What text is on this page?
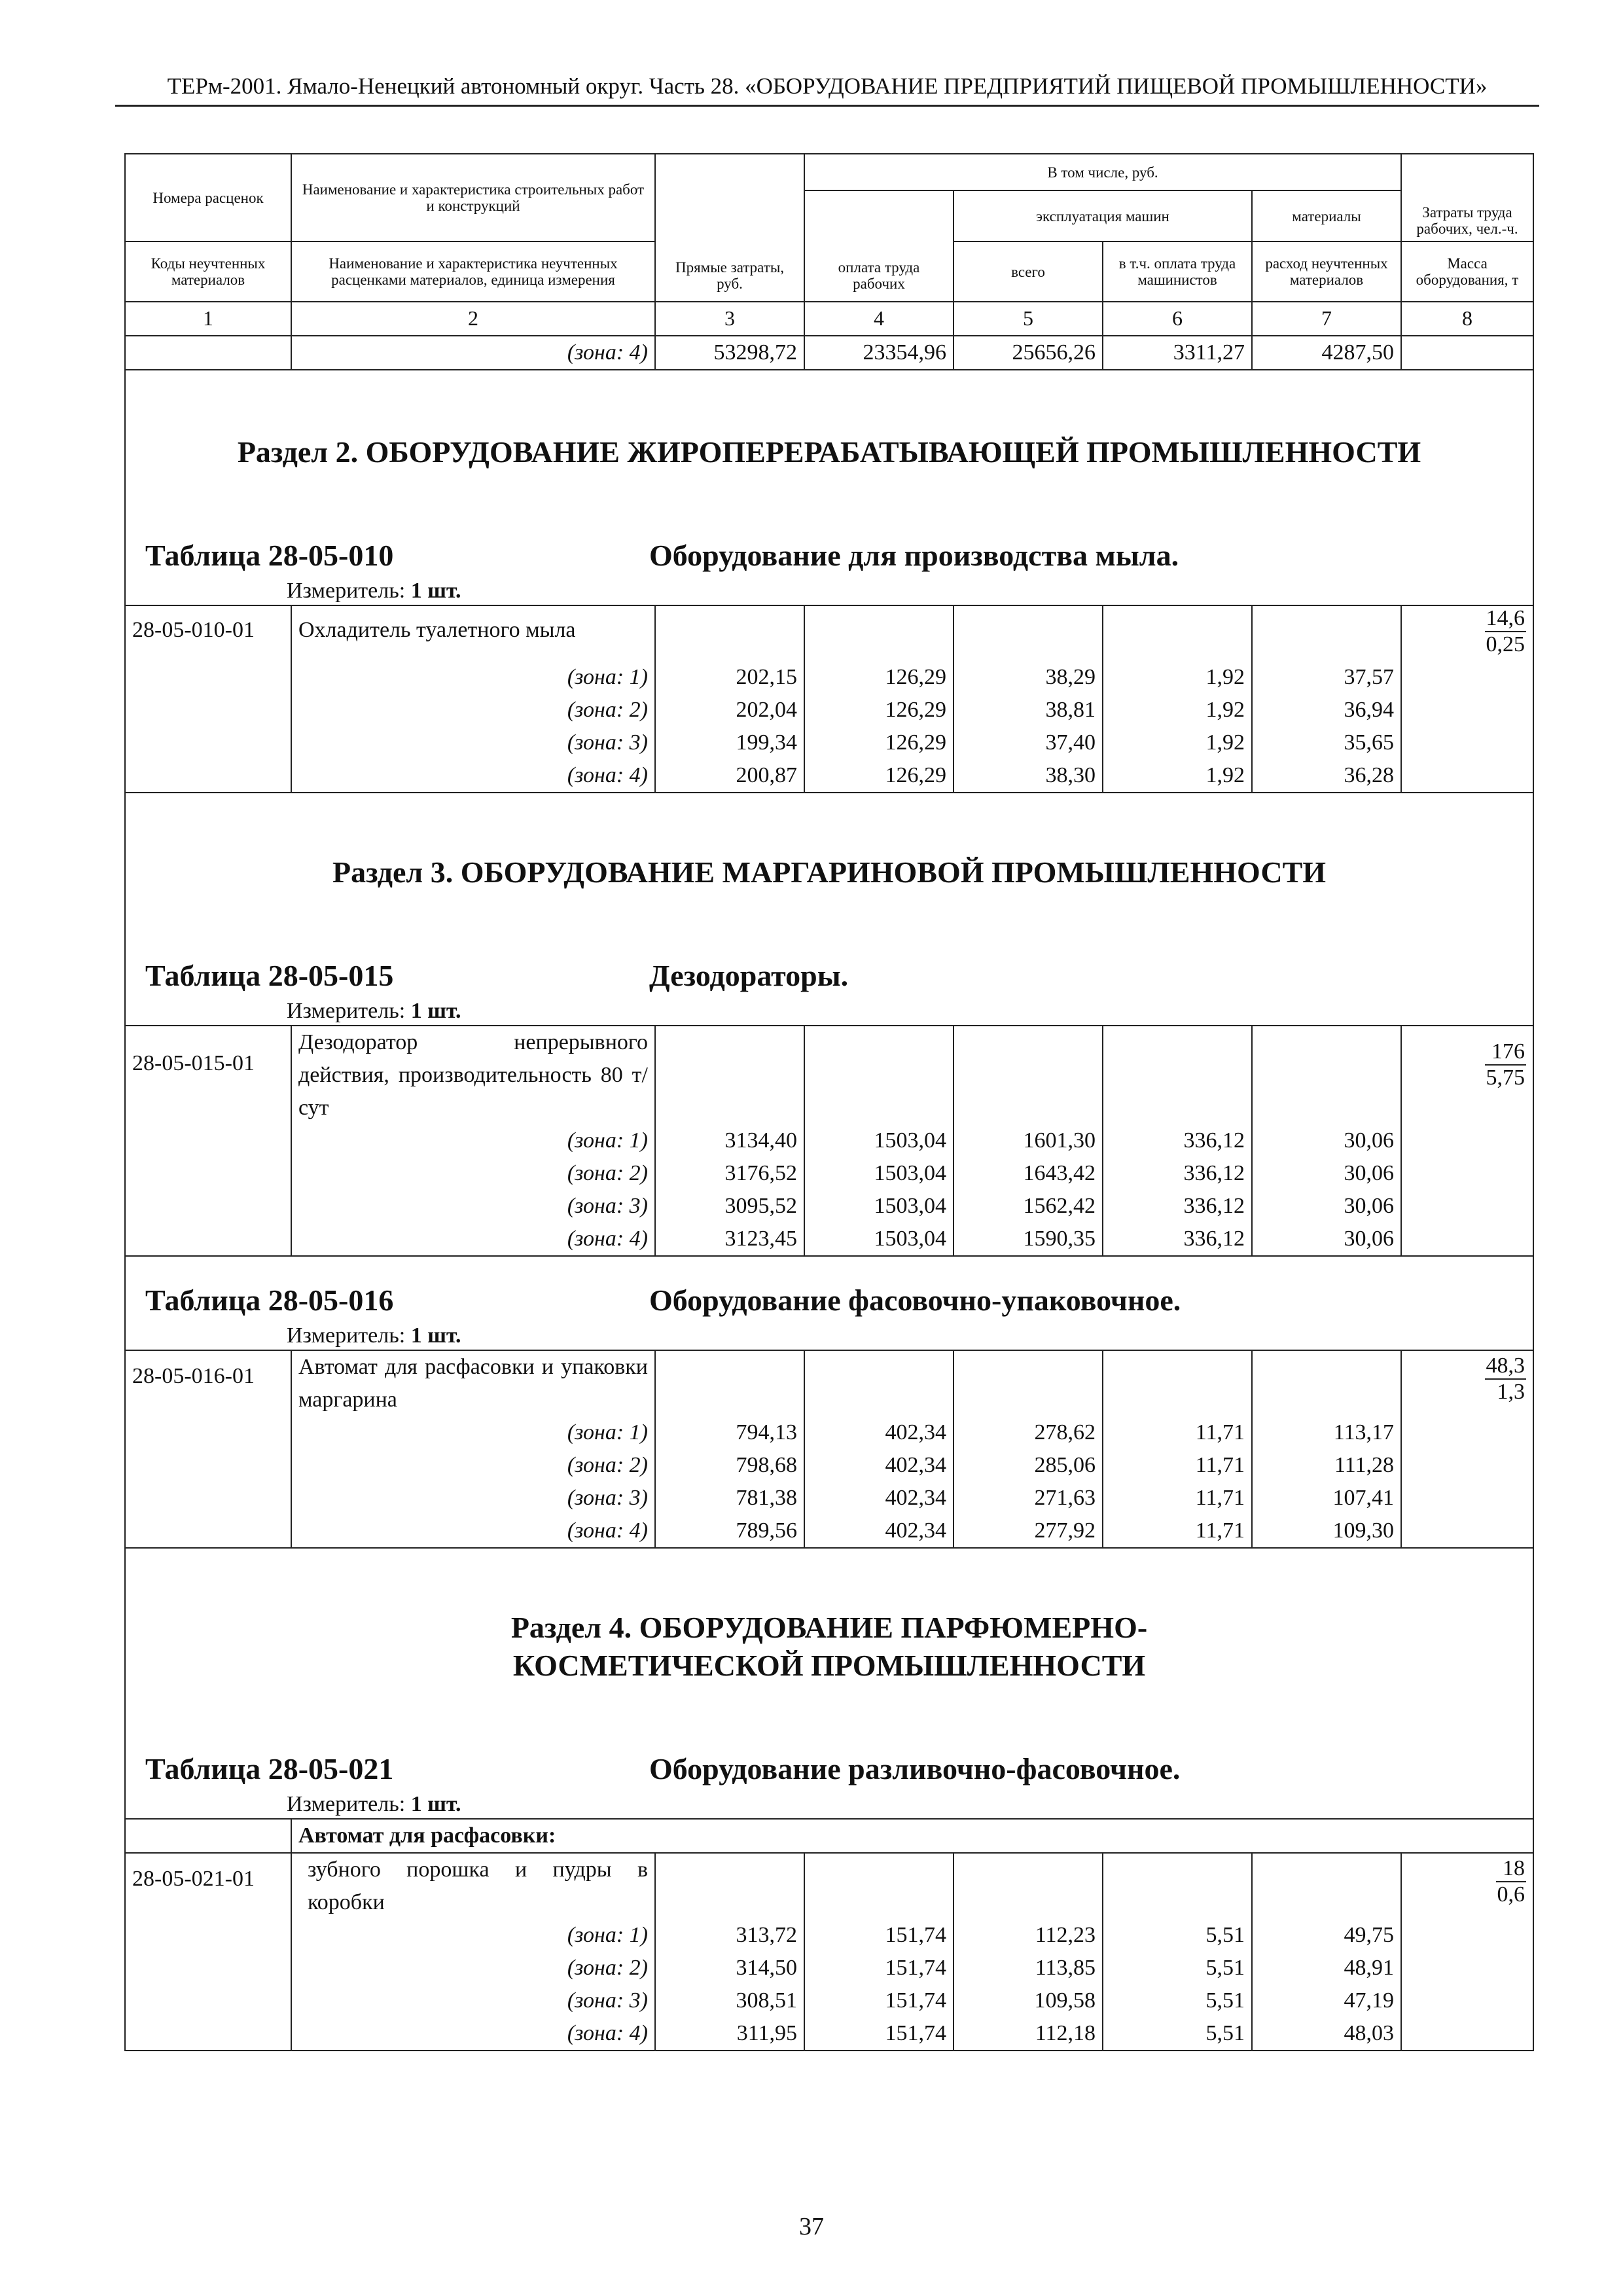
ТЕРм-2001. Ямало-Ненецкий автономный округ. Часть 28. «ОБОРУДОВАНИЕ ПРЕДПРИЯТИЙ ПИЩЕВОЙ ПРОМЫШЛЕННОСТИ»
Номера расценок	Наименование и характеристика строительных работ и конструкций	Прямые затраты, руб.	В том числе, руб.				Затраты труда рабочих, чел.-ч.
			оплата труда рабочих	эксплуатация машин		материалы	
Коды неучтенных материалов	Наименование и характеристика неучтенных расценками материалов, единица измерения			всего	в т.ч. оплата труда машинистов	расход неучтенных материалов	Масса оборудования, т

1	2	3	4	5	6	7	8
	(зона: 4)	53298,72	23354,96	25656,26	3311,27	4287,50	

Раздел 2. ОБОРУДОВАНИЕ ЖИРОПЕРЕРАБАТЫВАЮЩЕЙ ПРОМЫШЛЕННОСТИ
Таблица 28-05-010 Оборудование для производства мыла.
Измеритель: 1 шт.							

28-05-010-01	Охладитель туалетного мыла						$\frac{14,6}{0,25}$

	(зона: 1)	202,15	126,29	38,29	1,92	37,57	
	(зона: 2)	202,04	126,29	38,81	1,92	36,94	
	(зона: 3)	199,34	126,29	37,40	1,92	35,65	
	(зона: 4)	200,87	126,29	38,30	1,92	36,28	

Раздел 3. ОБОРУДОВАНИЕ МАРГАРИНОВОЙ ПРОМЫШЛЕННОСТИ
Таблица 28-05-015 Дезодораторы.
Измеритель: 1 шт.							

28-05-015-01	Дезодоратор непрерывного действия, производительность 80 т/сут						$\frac{176}{5,75}$

	(зона: 1)	3134,40	1503,04	1601,30	336,12	30,06	
	(зона: 2)	3176,52	1503,04	1643,42	336,12	30,06	
	(зона: 3)	3095,52	1503,04	1562,42	336,12	30,06	
	(зона: 4)	3123,45	1503,04	1590,35	336,12	30,06	

Таблица 28-05-016 Оборудование фасовочно-упаковочное.
Измеритель: 1 шт.							

28-05-016-01	Автомат для расфасовки и упаковки маргарина						$\frac{48,3}{1,3}$

	(зона: 1)	794,13	402,34	278,62	11,71	113,17	
	(зона: 2)	798,68	402,34	285,06	11,71	111,28	
	(зона: 3)	781,38	402,34	271,63	11,71	107,41	
	(зона: 4)	789,56	402,34	277,92	11,71	109,30	

Раздел 4. ОБОРУДОВАНИЕ ПАРФЮМЕРНО-КОСМЕТИЧЕСКОЙ ПРОМЫШЛЕННОСТИ
Таблица 28-05-021 Оборудование разливочно-фасовочное.
Измеритель: 1 шт.							

	Автомат для расфасовки:						
28-05-021-01	зубного порошка и пудры в коробки						$\frac{18}{0,6}$

	(зона: 1)	313,72	151,74	112,23	5,51	49,75	
	(зона: 2)	314,50	151,74	113,85	5,51	48,91	
	(зона: 3)	308,51	151,74	109,58	5,51	47,19	
	(зона: 4)	311,95	151,74	112,18	5,51	48,03	
37
